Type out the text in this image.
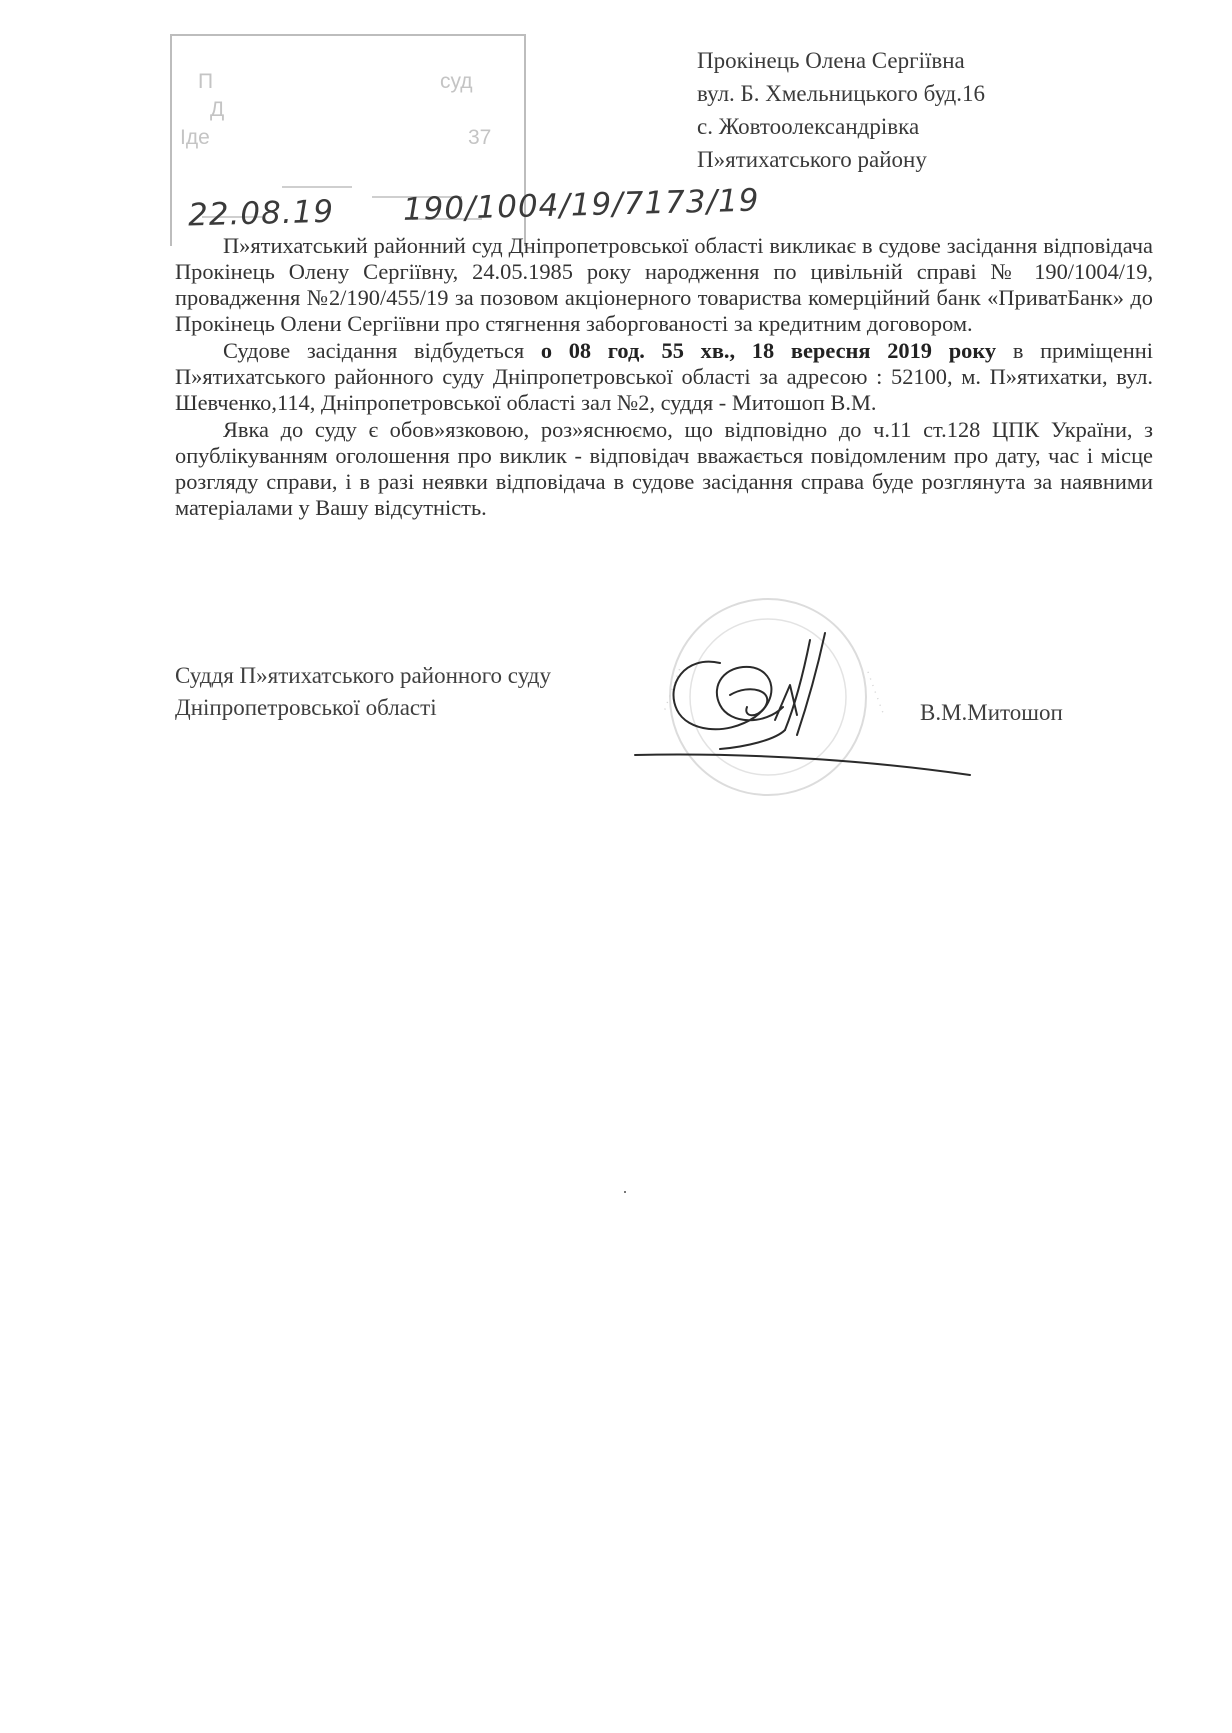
П	суд
Д
Іде	37
22.08.19 190/1004/19/7173/19
Прокінець Олена Сергіївна
вул. Б. Хмельницького буд.16
с. Жовтоолександрівка
П»ятихатського району

П»ятихатський районний суд Дніпропетровської області викликає в судове засідання відповідача Прокінець Олену Сергіївну, 24.05.1985 року народження по цивільній справі № 190/1004/19, провадження №2/190/455/19 за позовом акціонерного товариства комерційний банк «ПриватБанк» до Прокінець Олени Сергіївни про стягнення заборгованості за кредитним договором.

Судове засідання відбудеться о 08 год. 55 хв., 18 вересня 2019 року в приміщенні П»ятихатського районного суду Дніпропетровської області за адресою : 52100, м. П»ятихатки, вул. Шевченко,114, Дніпропетровської області зал №2, суддя - Митошоп В.М.

Явка до суду є обов»язковою, роз»яснюємо, що відповідно до ч.11 ст.128 ЦПК України, з опублікуванням оголошення про виклик - відповідач вважається повідомленим про дату, час і місце розгляду справи, і в разі неявки відповідача в судове засідання справа буде розглянута за наявними матеріалами у Вашу відсутність.

Суддя П»ятихатського районного суду
Дніпропетровської області	· · · · · · ·	· · · · · · · В.М.Митошоп
